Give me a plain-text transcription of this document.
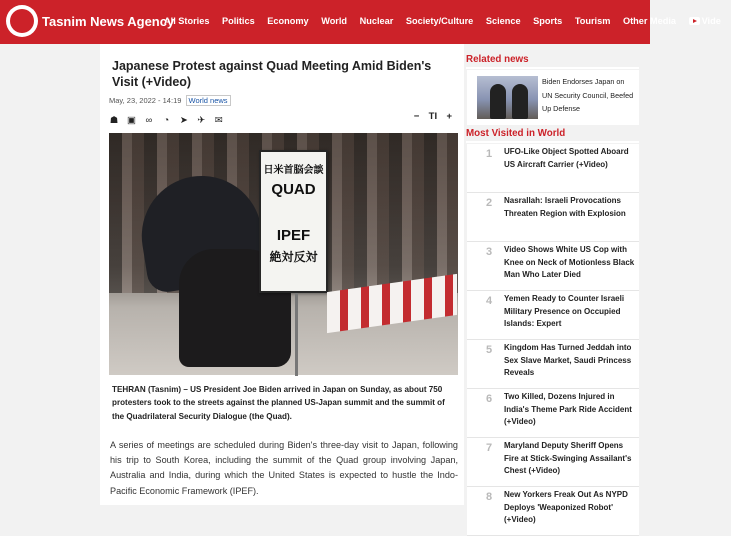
Tasnim News Agency
All Stories Politics Economy World Nuclear Society/Culture Science Sports Tourism Other Media	Vide
Japanese Protest against Quad Meeting Amid Biden's Visit (+Video)
May, 23, 2022 - 14:19 World news
☗ ▣ ∞ ◔ ➤ ✈ ✉	− TI +
日米首脳会談
QUAD
IPEF
絶対反対

TEHRAN (Tasnim) – US President Joe Biden arrived in Japan on Sunday, as about 750 protesters took to the streets against the planned US-Japan summit and the summit of the Quadrilateral Security Dialogue (the Quad).

A series of meetings are scheduled during Biden's three-day visit to Japan, following his trip to South Korea, including the summit of the Quad group involving Japan, Australia and India, during which the United States is expected to hustle the Indo-Pacific Economic Framework (IPEF).

Related news
Biden Endorses Japan on UN Security Council, Beefed Up Defense
Most Visited in World
1 UFO-Like Object Spotted Aboard US Aircraft Carrier (+Video)
2 Nasrallah: Israeli Provocations Threaten Region with Explosion
3 Video Shows White US Cop with Knee on Neck of Motionless Black Man Who Later Died
4 Yemen Ready to Counter Israeli Military Presence on Occupied Islands: Expert
5 Kingdom Has Turned Jeddah into Sex Slave Market, Saudi Princess Reveals
6 Two Killed, Dozens Injured in India's Theme Park Ride Accident (+Video)
7 Maryland Deputy Sheriff Opens Fire at Stick-Swinging Assailant's Chest (+Video)
8 New Yorkers Freak Out As NYPD Deploys 'Weaponized Robot' (+Video)
